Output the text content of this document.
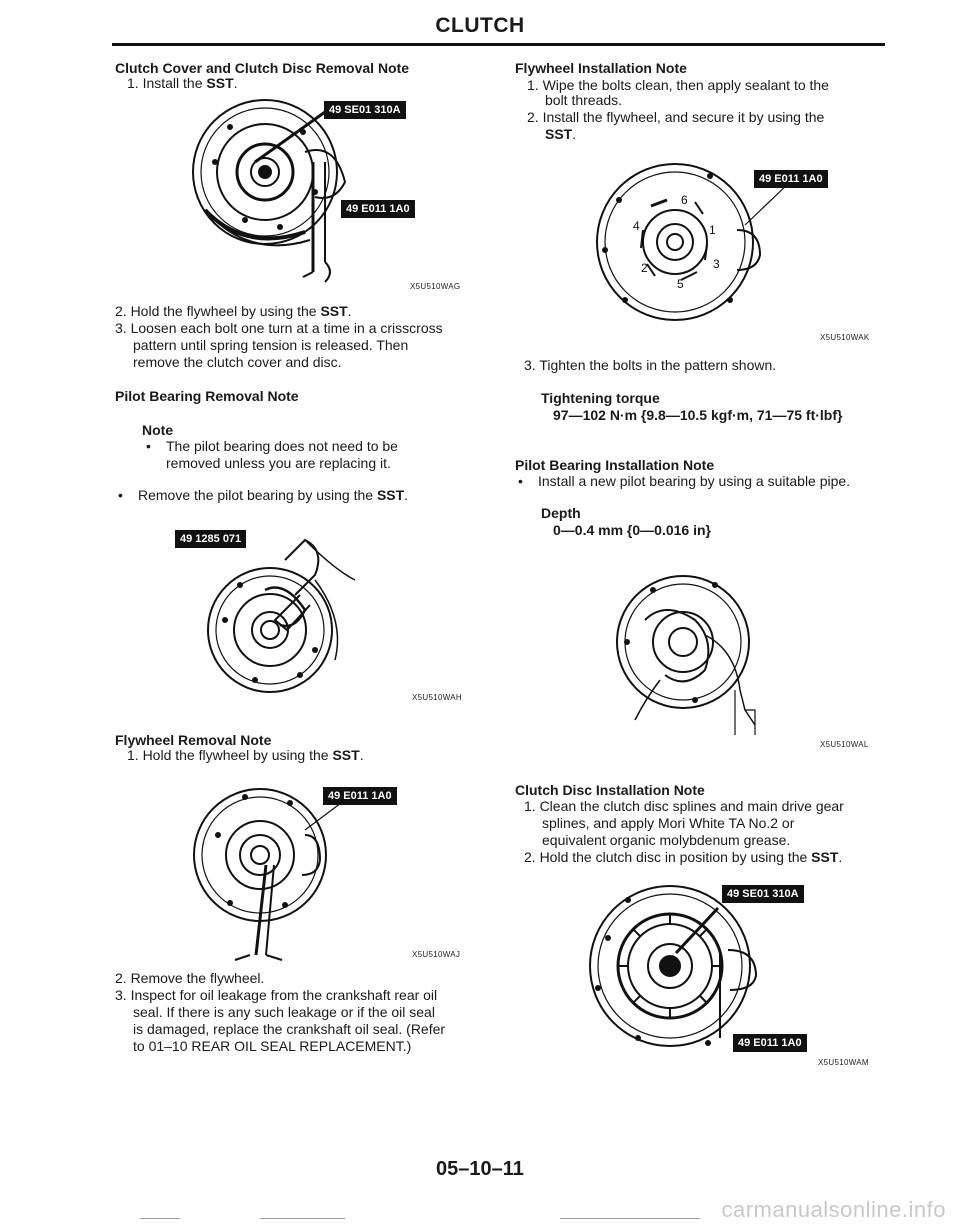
CLUTCH
Clutch Cover and Clutch Disc Removal Note
1. Install the SST.
49 SE01 310A
49 E011 1A0
X5U510WAG
2. Hold the flywheel by using the SST.
3. Loosen each bolt one turn at a time in a crisscross
pattern until spring tension is released. Then
remove the clutch cover and disc.
Pilot Bearing Removal Note
Note
• The pilot bearing does not need to be
removed unless you are replacing it.
• Remove the pilot bearing by using the SST.
49 1285 071
X5U510WAH
Flywheel Removal Note
1. Hold the flywheel by using the SST.
49 E011 1A0
X5U510WAJ
2. Remove the flywheel.
3. Inspect for oil leakage from the crankshaft rear oil
seal. If there is any such leakage or if the oil seal
is damaged, replace the crankshaft oil seal. (Refer
to 01–10 REAR OIL SEAL REPLACEMENT.)
Flywheel Installation Note
1. Wipe the bolts clean, then apply sealant to the
bolt threads.
2. Install the flywheel, and secure it by using the
SST.
1
2	3
4
5
6
49 E011 1A0
X5U510WAK
3. Tighten the bolts in the pattern shown.
Tightening torque
97—102 N·m {9.8—10.5 kgf·m, 71—75 ft·lbf}
Pilot Bearing Installation Note
• Install a new pilot bearing by using a suitable pipe.
Depth
0—0.4 mm {0—0.016 in}
X5U510WAL
Clutch Disc Installation Note
1. Clean the clutch disc splines and main drive gear
splines, and apply Mori White TA No.2 or
equivalent organic molybdenum grease.
2. Hold the clutch disc in position by using the SST.
49 SE01 310A
49 E011 1A0
X5U510WAM
05–10–11
carmanualsonline.info
